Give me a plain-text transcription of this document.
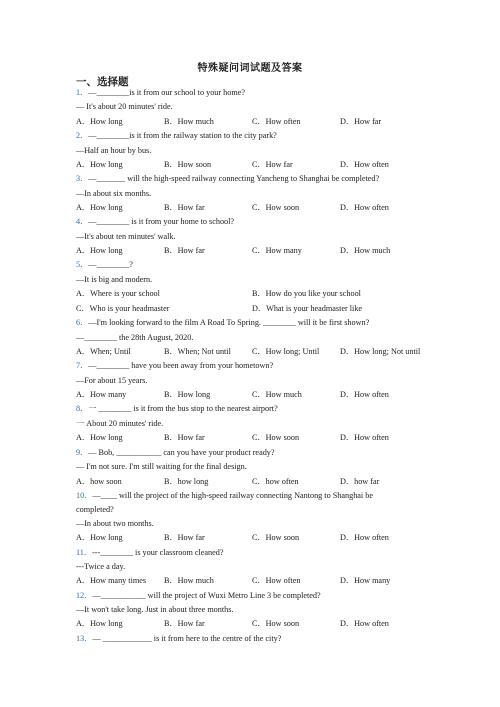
特殊疑问词试题及答案
一、选择题
1．—________is it from our school to your home?
— It's about 20 minutes' ride.
A．How long	B．How much	C．How often	D．How far
2．—________is it from the railway station to the city park?
—Half an hour by bus.
A．How long	B．How soon	C．How far	D．How often
3．—_______ will the high-speed railway connecting Yancheng to Shanghai be completed?
—In about six months.
A．How long	B．How far	C．How soon	D．How often
4．—________ is it from your home to school?
—It's about ten minutes' walk.
A．How long	B．How far	C．How many	D．How much
5．—________?
—It is big and modern.
A．Where is your school	B．How do you like your school
C．Who is your headmaster	D．What is your headmaster like
6．—I'm looking forward to the film A Road To Spring. ________ will it be first shown?
—________ the 28th August, 2020.
A．When; Until	B．When; Not until	C．How long; Until	D．How long; Not until
7．—________ have you been away from your hometown?
—For about 15 years.
A．How many	B．How long	C．How much	D．How often
8．一 ________ is it from the bus stop to the nearest airport?
一 About 20 minutes' ride.
A．How long	B．How far	C．How soon	D．How often
9．— Bob, ___________ can you have your product ready?
— I'm not sure. I'm still waiting for the final design.
A．how soon	B．how long	C．how often	D．how far
10．—____ will the project of the high-speed railway connecting Nantong to Shanghai be
completed?
—In about two months.
A．How long	B．How far	C．How soon	D．How often
11．---________ is your classroom cleaned?
---Twice a day.
A．How many times B．How much	C．How often	D．How many
12．—___________ will the project of Wuxi Metro Line 3 be completed?
—It won't take long. Just in about three months.
A．How long	B．How far	C．How soon	D．How often
13．— ____________ is it from here to the centre of the city?
